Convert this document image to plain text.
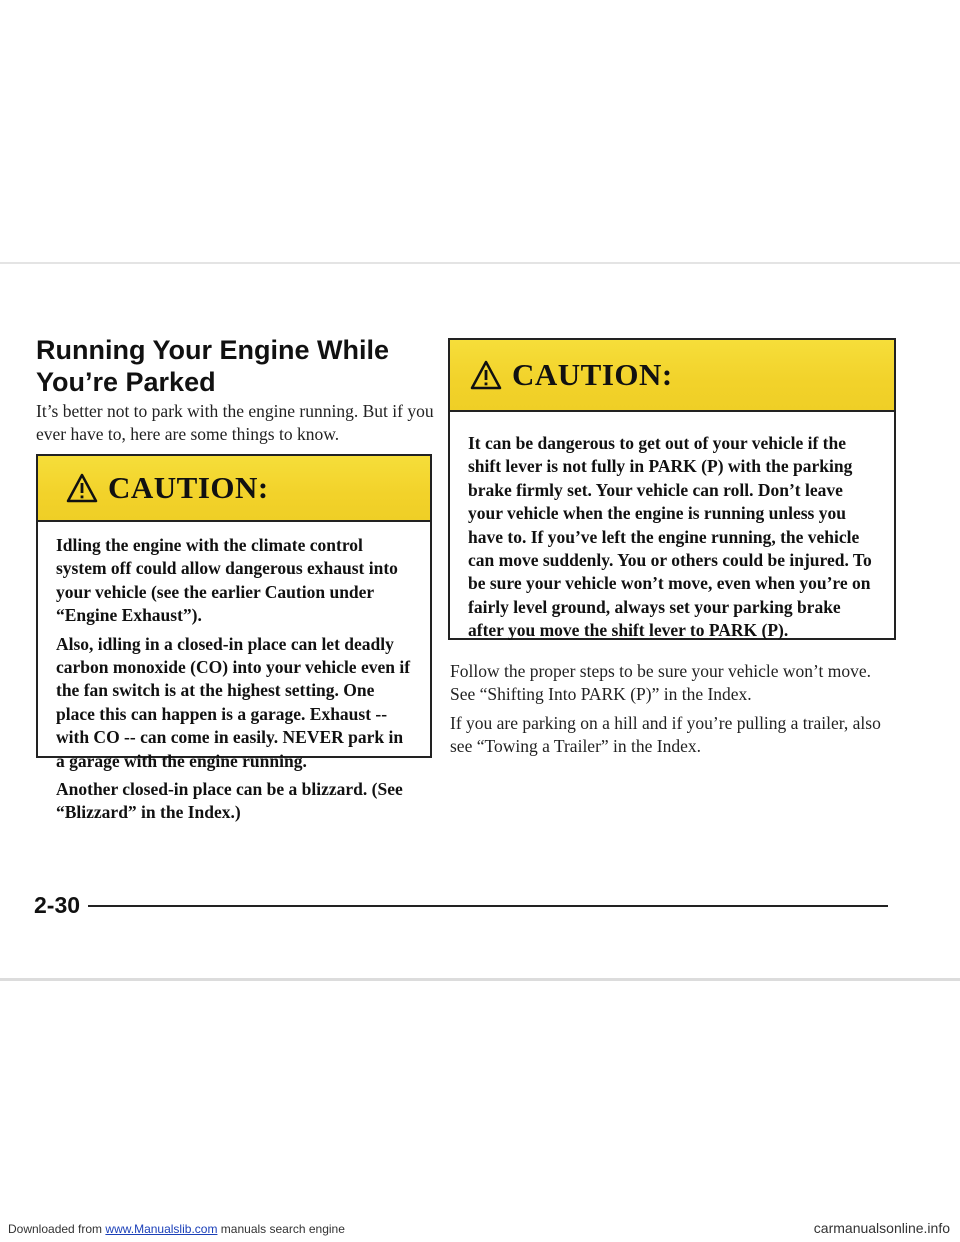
Running Your Engine While
You’re Parked
It’s better not to park with the engine running. But if you ever have to, here are some things to know.
CAUTION:

Idling the engine with the climate control system off could allow dangerous exhaust into your vehicle (see the earlier Caution under “Engine Exhaust”).

Also, idling in a closed-in place can let deadly carbon monoxide (CO) into your vehicle even if the fan switch is at the highest setting. One place this can happen is a garage. Exhaust -- with CO -- can come in easily. NEVER park in a garage with the engine running.

Another closed-in place can be a blizzard. (See “Blizzard” in the Index.)

CAUTION:

It can be dangerous to get out of your vehicle if the shift lever is not fully in PARK (P) with the parking brake firmly set. Your vehicle can roll. Don’t leave your vehicle when the engine is running unless you have to. If you’ve left the engine running, the vehicle can move suddenly. You or others could be injured. To be sure your vehicle won’t move, even when you’re on fairly level ground, always set your parking brake after you move the shift lever to PARK (P).

Follow the proper steps to be sure your vehicle won’t move. See “Shifting Into PARK (P)” in the Index.

If you are parking on a hill and if you’re pulling a trailer, also see “Towing a Trailer” in the Index.

2-30
Downloaded from www.Manualslib.com manuals search engine	carmanualsonline.info
